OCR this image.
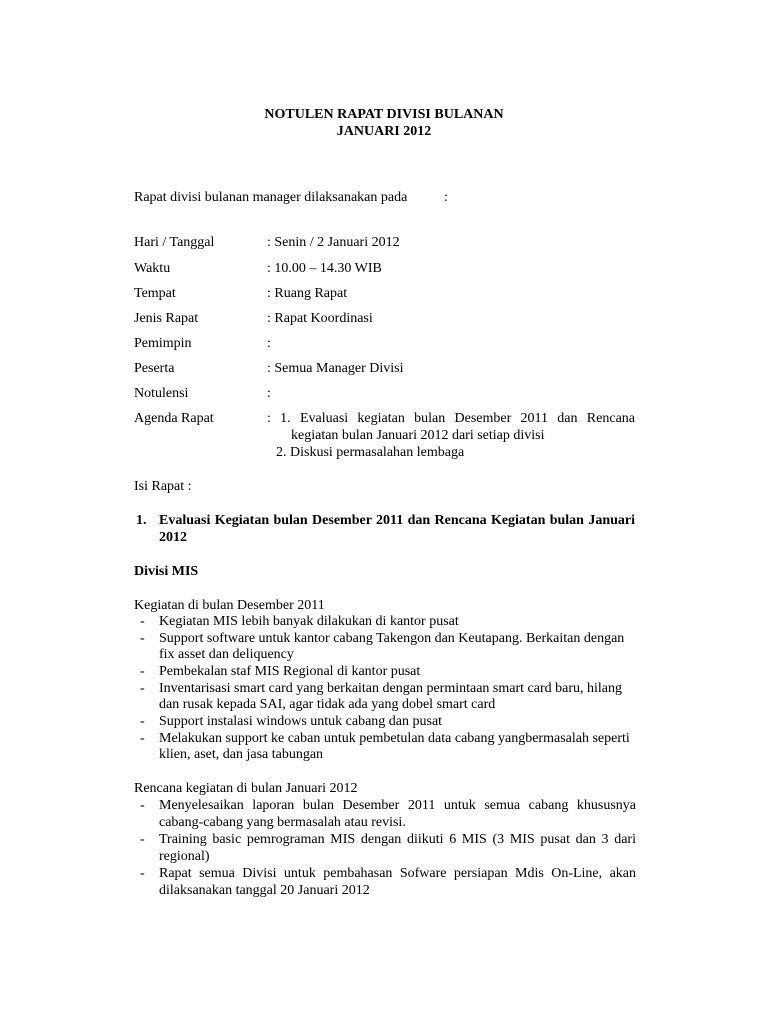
NOTULEN RAPAT DIVISI BULANAN
JANUARI 2012
Rapat divisi bulanan manager dilaksanakan pada	:
Hari / Tanggal	: Senin / 2 Januari 2012
Waktu	: 10.00 – 14.30 WIB
Tempat	: Ruang Rapat
Jenis Rapat	: Rapat Koordinasi
Pemimpin	:
Peserta	: Semua Manager Divisi
Notulensi	:
Agenda Rapat	: 1. Evaluasi kegiatan bulan Desember 2011 dan Rencana
kegiatan bulan Januari 2012 dari setiap divisi
2. Diskusi permasalahan lembaga
Isi Rapat :
1. Evaluasi Kegiatan bulan Desember 2011 dan Rencana Kegiatan bulan Januari
2012
Divisi MIS
Kegiatan di bulan Desember 2011
- Kegiatan MIS lebih banyak dilakukan di kantor pusat
- Support software untuk kantor cabang Takengon dan Keutapang. Berkaitan dengan
fix asset dan deliquency
- Pembekalan staf MIS Regional di kantor pusat
- Inventarisasi smart card yang berkaitan dengan permintaan smart card baru, hilang
dan rusak kepada SAI, agar tidak ada yang dobel smart card
- Support instalasi windows untuk cabang dan pusat
- Melakukan support ke caban untuk pembetulan data cabang yangbermasalah seperti
klien, aset, dan jasa tabungan
Rencana kegiatan di bulan Januari 2012
- Menyelesaikan laporan bulan Desember 2011 untuk semua cabang khususnya
cabang-cabang yang bermasalah atau revisi.
- Training basic pemrograman MIS dengan diikuti 6 MIS (3 MIS pusat dan 3 dari
regional)
- Rapat semua Divisi untuk pembahasan Sofware persiapan Mdis On-Line, akan
dilaksanakan tanggal 20 Januari 2012
